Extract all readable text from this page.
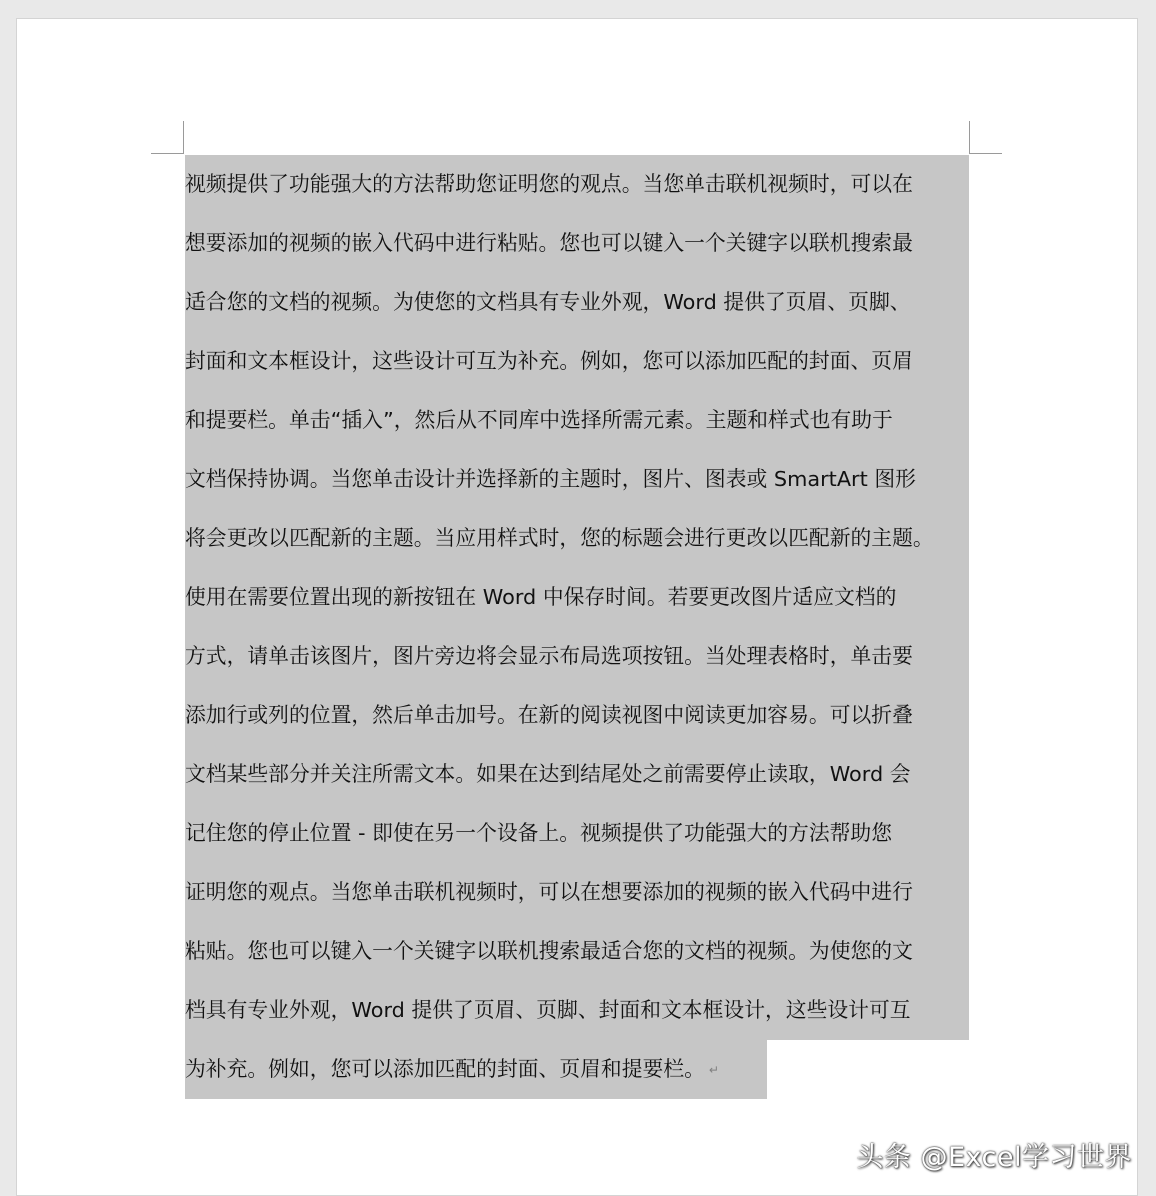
视频提供了功能强大的方法帮助您证明您的观点。当您单击联机视频时，可以在
想要添加的视频的嵌入代码中进行粘贴。您也可以键入一个关键字以联机搜索最
适合您的文档的视频。为使您的文档具有专业外观，Word 提供了页眉、页脚、
封面和文本框设计，这些设计可互为补充。例如，您可以添加匹配的封面、页眉
和提要栏。单击“插入”，然后从不同库中选择所需元素。主题和样式也有助于
文档保持协调。当您单击设计并选择新的主题时，图片、图表或 SmartArt 图形
将会更改以匹配新的主题。当应用样式时，您的标题会进行更改以匹配新的主题。
使用在需要位置出现的新按钮在 Word 中保存时间。若要更改图片适应文档的
方式，请单击该图片，图片旁边将会显示布局选项按钮。当处理表格时，单击要
添加行或列的位置，然后单击加号。在新的阅读视图中阅读更加容易。可以折叠
文档某些部分并关注所需文本。如果在达到结尾处之前需要停止读取，Word 会
记住您的停止位置 - 即使在另一个设备上。视频提供了功能强大的方法帮助您
证明您的观点。当您单击联机视频时，可以在想要添加的视频的嵌入代码中进行
粘贴。您也可以键入一个关键字以联机搜索最适合您的文档的视频。为使您的文
档具有专业外观，Word 提供了页眉、页脚、封面和文本框设计，这些设计可互
为补充。例如，您可以添加匹配的封面、页眉和提要栏。 ↵
头条 @Excel学习世界
